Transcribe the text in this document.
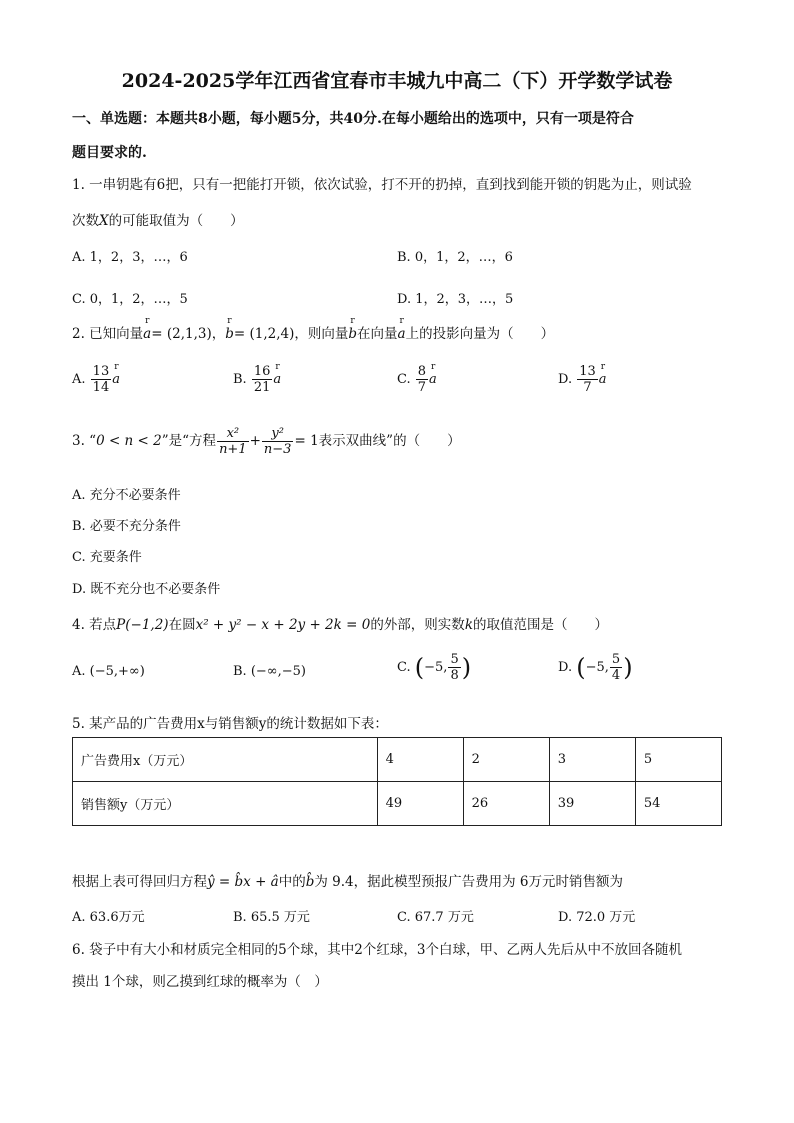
2024-2025学年江西省宜春市丰城九中高二（下）开学数学试卷
一、单选题：本题共8小题，每小题5分，共40分.在每小题给出的选项中，只有一项是符合
题目要求的.
1. 一串钥匙有6把，只有一把能打开锁，依次试验，打不开的扔掉，直到找到能开锁的钥匙为止，则试验
次数X的可能取值为（　　）
A. 1，2，3，…，6	B. 0，1，2，…，6
C. 0，1，2，…，5	D. 1，2，3，…，5
2. 已知向量r a= (2,1,3)，r b= (1,2,4)，则向量r b在向量r a上的投影向量为（　　）
A. $\frac{13}{14}$ r a	B. $\frac{16}{21}$ r a	C. $\frac{8}{7}$ r a	D. $\frac{13}{7}$ r a
3. “0 < n < 2”是“方程 $\frac{\text{x²}}{n+1} + \frac{\text{y²}}{n-3} = 1$表示双曲线”的（　　）
A. 充分不必要条件
B. 必要不充分条件
C. 充要条件
D. 既不充分也不必要条件
4. 若点P(−1,2)在圆x² + y² − x + 2y + 2k = 0的外部，则实数k的取值范围是（　　）
A. (−5,+∞)	B. (−∞,−5)	C. (−5, $\frac{5}{8}$ )	D. (−5, $\frac{5}{4}$ )
5. 某产品的广告费用x与销售额y的统计数据如下表：
广告费用x（万元）	4	2	3	5
销售额y（万元）	49	26	39	54
根据上表可得回归方程ŷ = b̂x + â中的b̂为 9.4，据此模型预报广告费用为 6万元时销售额为
A. 63.6万元	B. 65.5 万元	C. 67.7 万元	D. 72.0 万元
6. 袋子中有大小和材质完全相同的5个球，其中2个红球，3个白球，甲、乙两人先后从中不放回各随机
摸出 1个球，则乙摸到红球的概率为（　）
